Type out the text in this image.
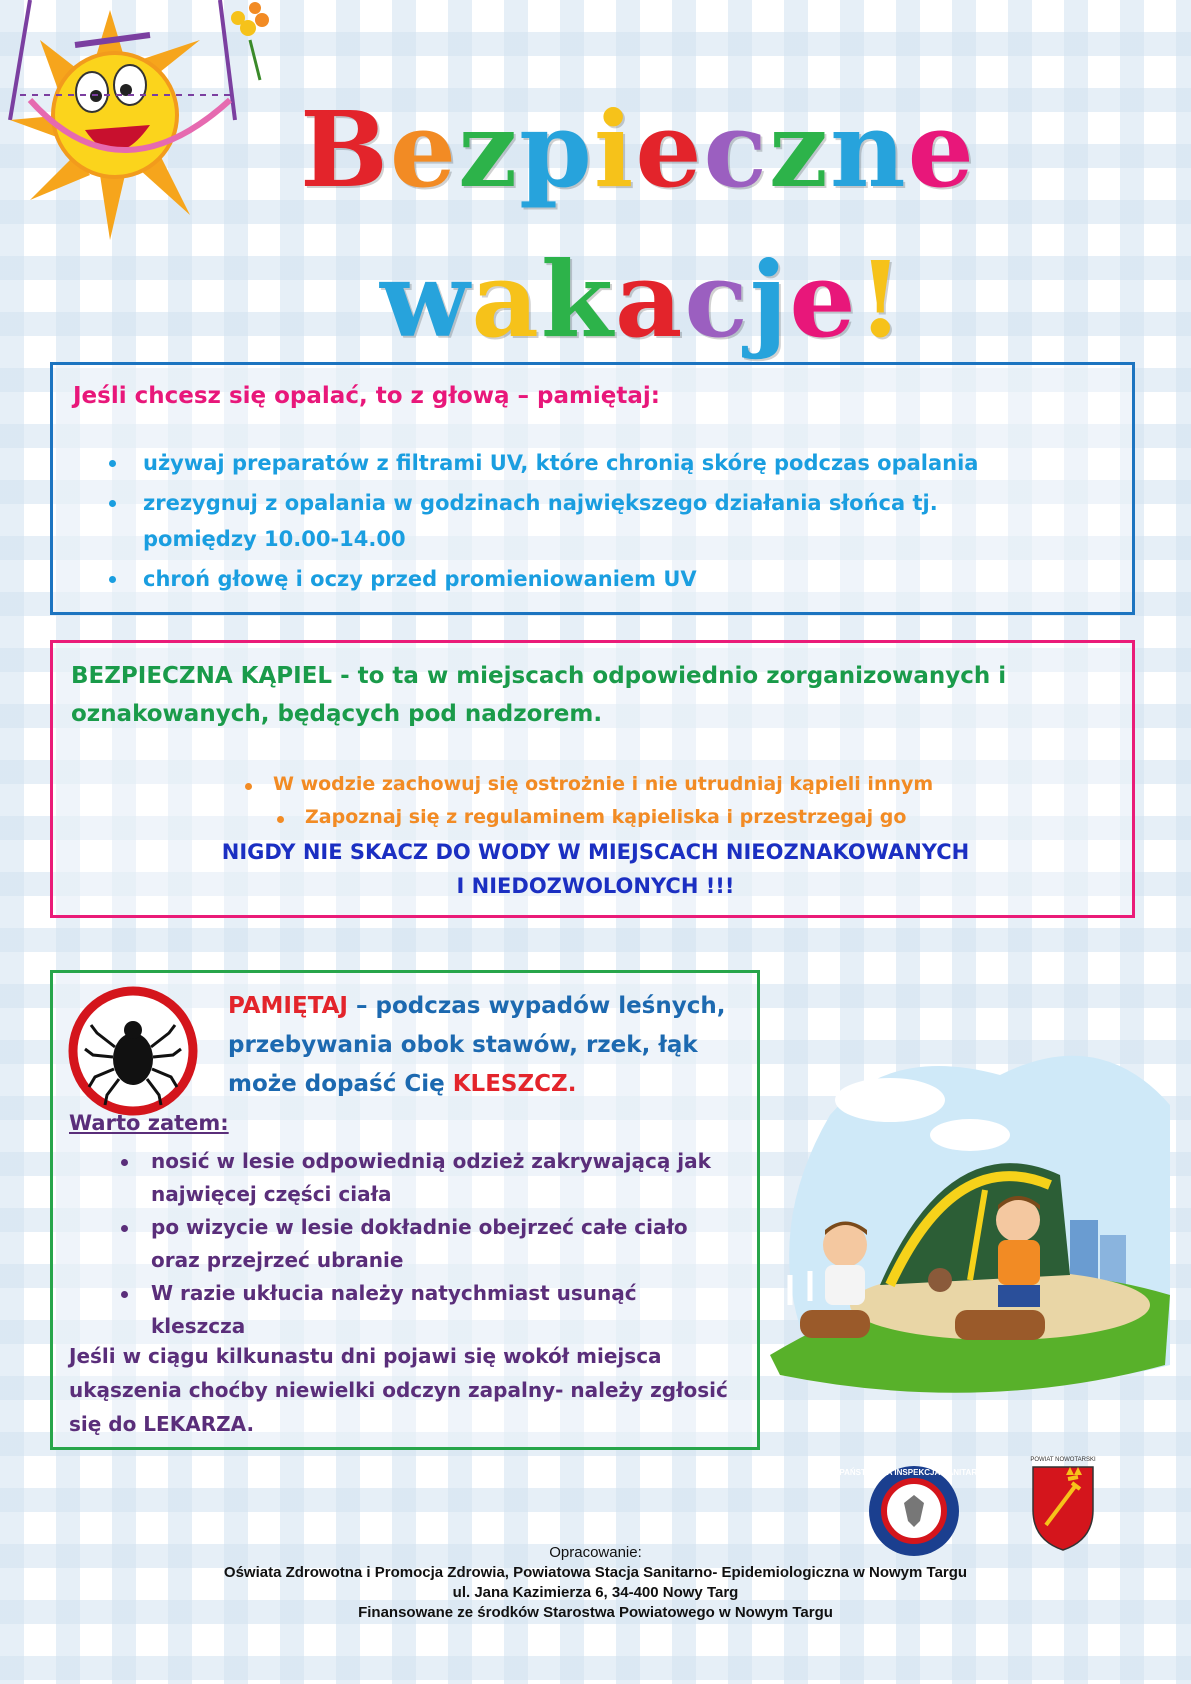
Bezpieczne
wakacje!
Jeśli chcesz się opalać, to z głową – pamiętaj:
używaj preparatów z filtrami UV, które chronią skórę podczas opalania
zrezygnuj z opalania w godzinach największego działania słońca tj. pomiędzy 10.00-14.00
chroń głowę i oczy przed promieniowaniem UV
BEZPIECZNA KĄPIEL - to ta w miejscach odpowiednio zorganizowanych i oznakowanych, będących pod nadzorem.
W wodzie zachowuj się ostrożnie i nie utrudniaj kąpieli innym
Zapoznaj się z regulaminem kąpieliska i przestrzegaj go
NIGDY NIE SKACZ DO WODY W MIEJSCACH NIEOZNAKOWANYCH
I NIEDOZWOLONYCH !!!
PAMIĘTAJ – podczas wypadów leśnych, przebywania obok stawów, rzek, łąk może dopaść Cię KLESZCZ.
Warto zatem:
nosić w lesie odpowiednią odzież zakrywającą jak najwięcej części ciała
po wizycie w lesie dokładnie obejrzeć całe ciało oraz przejrzeć ubranie
W razie ukłucia należy natychmiast usunąć kleszcza
Jeśli w ciągu kilkunastu dni pojawi się wokół miejsca ukąszenia choćby niewielki odczyn zapalny- należy zgłosić się do LEKARZA.
PAŃSTWOWA INSPEKCJA SANITARNA
POWIAT NOWOTARSKI
Opracowanie:
Oświata Zdrowotna i Promocja Zdrowia, Powiatowa Stacja Sanitarno- Epidemiologiczna w Nowym Targu
ul. Jana Kazimierza 6, 34-400 Nowy Targ
Finansowane ze środków Starostwa Powiatowego w Nowym Targu
